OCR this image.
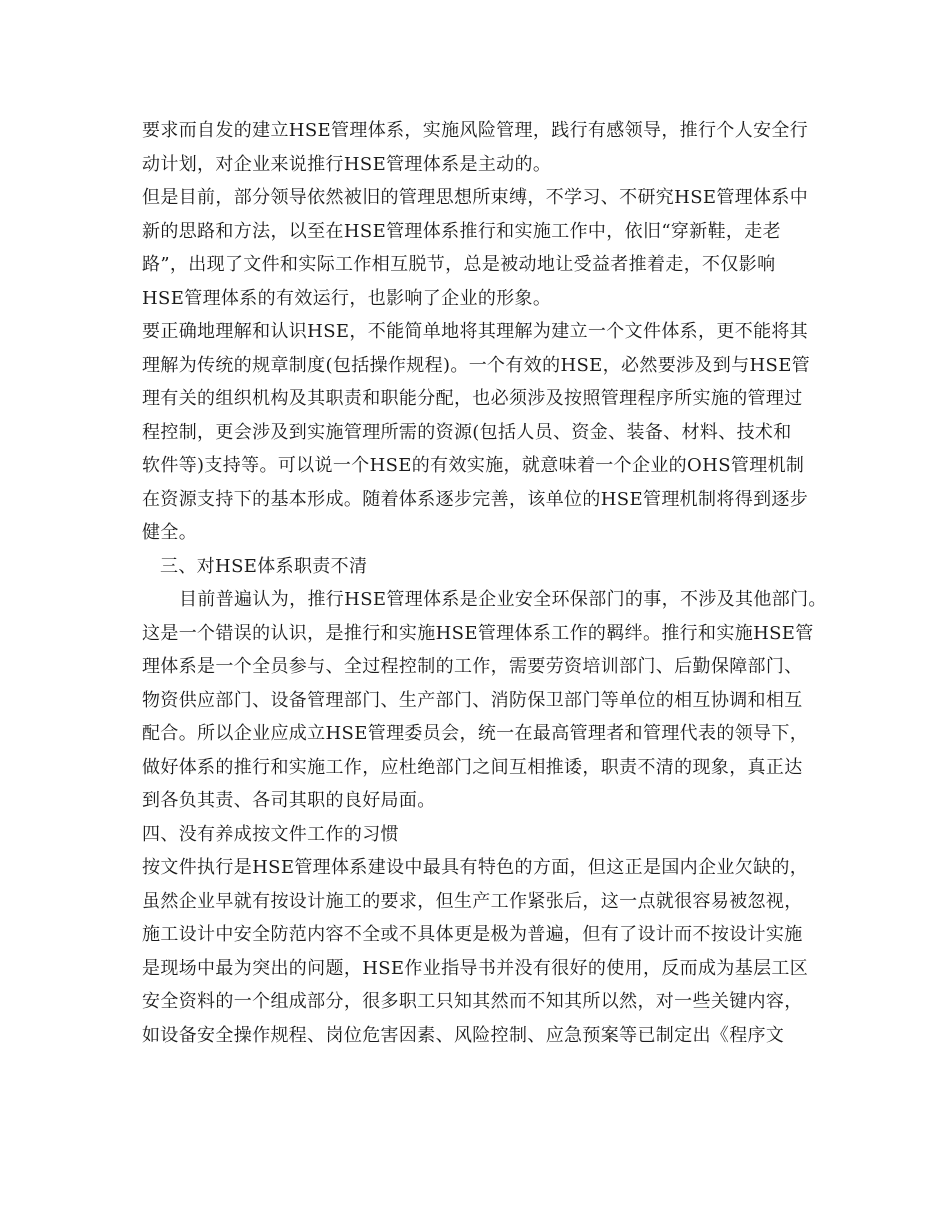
要求而自发的建立HSE管理体系，实施风险管理，践行有感领导，推行个人安全行
动计划，对企业来说推行HSE管理体系是主动的。
但是目前，部分领导依然被旧的管理思想所束缚，不学习、不研究HSE管理体系中
新的思路和方法，以至在HSE管理体系推行和实施工作中，依旧“穿新鞋，走老
路”，出现了文件和实际工作相互脱节，总是被动地让受益者推着走，不仅影响
HSE管理体系的有效运行，也影响了企业的形象。
要正确地理解和认识HSE，不能简单地将其理解为建立一个文件体系，更不能将其
理解为传统的规章制度(包括操作规程)。一个有效的HSE，必然要涉及到与HSE管
理有关的组织机构及其职责和职能分配，也必须涉及按照管理程序所实施的管理过
程控制，更会涉及到实施管理所需的资源(包括人员、资金、装备、材料、技术和
软件等)支持等。可以说一个HSE的有效实施，就意味着一个企业的OHS管理机制
在资源支持下的基本形成。随着体系逐步完善，该单位的HSE管理机制将得到逐步
健全。
三、对HSE体系职责不清
目前普遍认为，推行HSE管理体系是企业安全环保部门的事，不涉及其他部门。
这是一个错误的认识，是推行和实施HSE管理体系工作的羁绊。推行和实施HSE管
理体系是一个全员参与、全过程控制的工作，需要劳资培训部门、后勤保障部门、
物资供应部门、设备管理部门、生产部门、消防保卫部门等单位的相互协调和相互
配合。所以企业应成立HSE管理委员会，统一在最高管理者和管理代表的领导下，
做好体系的推行和实施工作，应杜绝部门之间互相推诿，职责不清的现象，真正达
到各负其责、各司其职的良好局面。
四、没有养成按文件工作的习惯
按文件执行是HSE管理体系建设中最具有特色的方面，但这正是国内企业欠缺的，
虽然企业早就有按设计施工的要求，但生产工作紧张后，这一点就很容易被忽视，
施工设计中安全防范内容不全或不具体更是极为普遍，但有了设计而不按设计实施
是现场中最为突出的问题，HSE作业指导书并没有很好的使用，反而成为基层工区
安全资料的一个组成部分，很多职工只知其然而不知其所以然，对一些关键内容，
如设备安全操作规程、岗位危害因素、风险控制、应急预案等已制定出《程序文
